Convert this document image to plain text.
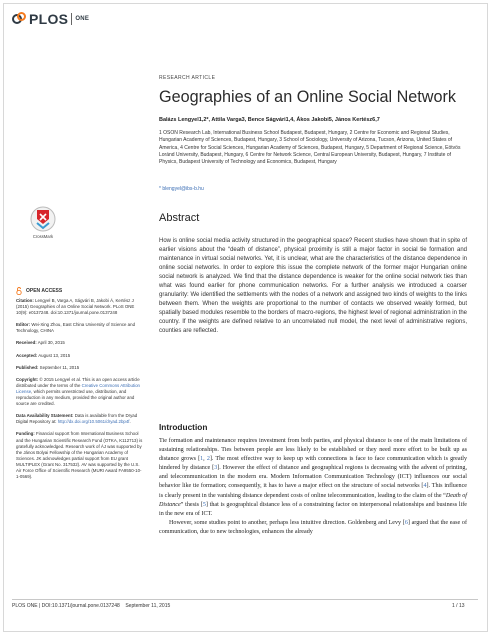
PLOS ONE
RESEARCH ARTICLE
Geographies of an Online Social Network
Balázs Lengyel1,2*, Attila Varga3, Bence Ságvári1,4, Ákos Jakobi5, János Kertész6,7
1 OSON Research Lab, International Business School Budapest, Budapest, Hungary, 2 Centre for Economic and Regional Studies, Hungarian Academy of Sciences, Budapest, Hungary, 3 School of Sociology, University of Arizona, Tucson, Arizona, United States of America, 4 Centre for Social Sciences, Hungarian Academy of Sciences, Budapest, Hungary, 5 Department of Regional Science, Eötvös Loránd University, Budapest, Hungary, 6 Centre for Network Science, Central European University, Budapest, Hungary, 7 Institute of Physics, Budapest University of Technology and Economics, Budapest, Hungary
* blengyel@ibs-b.hu
Abstract
How is online social media activity structured in the geographical space? Recent studies have shown that in spite of earlier visions about the “death of distance”, physical proximity is still a major factor in social tie formation and maintenance in virtual social networks. Yet, it is unclear, what are the characteristics of the distance dependence in online social networks. In order to explore this issue the complete network of the former major Hungarian online social network is analyzed. We find that the distance dependence is weaker for the online social network ties than what was found earlier for phone communication networks. For a further analysis we introduced a coarser granularity: We identified the settlements with the nodes of a network and assigned two kinds of weights to the links between them. When the weights are proportional to the number of contacts we observed weakly formed, but spatially based modules resemble to the borders of macro-regions, the highest level of regional administration in the country. If the weights are defined relative to an uncorrelated null model, the next level of administrative regions, counties are reflected.
Introduction

Tie formation and maintenance requires investment from both parties, and physical distance is one of the main limitations of sustaining relationships. Ties between people are less likely to be established or they need more effort to be built up as distance grows [1, 2]. The most effective way to keep up with connections is face to face communication which is greatly hindered by distance [3]. However the effect of distance and geographical regions is decreasing with the advent of printing, and telecommunication in the modern era. Modern Information Communication Technology (ICT) influences our social behavior like tie formation; consequently, it has to have a major effect on the structure of social networks [4]. This influence is clearly present in the vanishing distance dependent costs of online telecommunication, leading to the claim of the “Death of Distance” thesis [5] that is geographical distance less of a constraining factor on interpersonal relationships and business life in the new era of ICT.

However, some studies point to another, perhaps less intuitive direction. Goldenberg and Levy [6] argued that the ease of communication, due to new technologies, enhances the already

CrossMark
OPEN ACCESS
Citation: Lengyel B, Varga A, Ságvári B, Jakobi Á, Kertész J (2015) Geographies of an Online Social Network. PLoS ONE 10(9): e0137248. doi:10.1371/journal.pone.0137248
Editor: Wei-Xing Zhou, East China University of Science and Technology, CHINA
Received: April 30, 2015
Accepted: August 13, 2015
Published: September 11, 2015
Copyright: © 2015 Lengyel et al. This is an open access article distributed under the terms of the Creative Commons Attribution License, which permits unrestricted use, distribution, and reproduction in any medium, provided the original author and source are credited.
Data Availability Statement: Data is available from the Dryad Digital Repository at: http://dx.doi.org/10.5061/dryad.2bp4f.
Funding: Financial support from International Business School and the Hungarian Scientific Research Fund (OTKA, K112713) is gratefully acknowledged. Research work of ÁJ was supported by the János Bolyai Fellowship of the Hungarian Academy of Sciences. JK acknowledges partial support from EU grant MULTIPLEX (Grant No. 317532). AV was supported by the U.S. Air Force Office of Scientific Research (MURI Award FA9550-10-1-0569).
PLOS ONE | DOI:10.1371/journal.pone.0137248 September 11, 2015	1 / 13
